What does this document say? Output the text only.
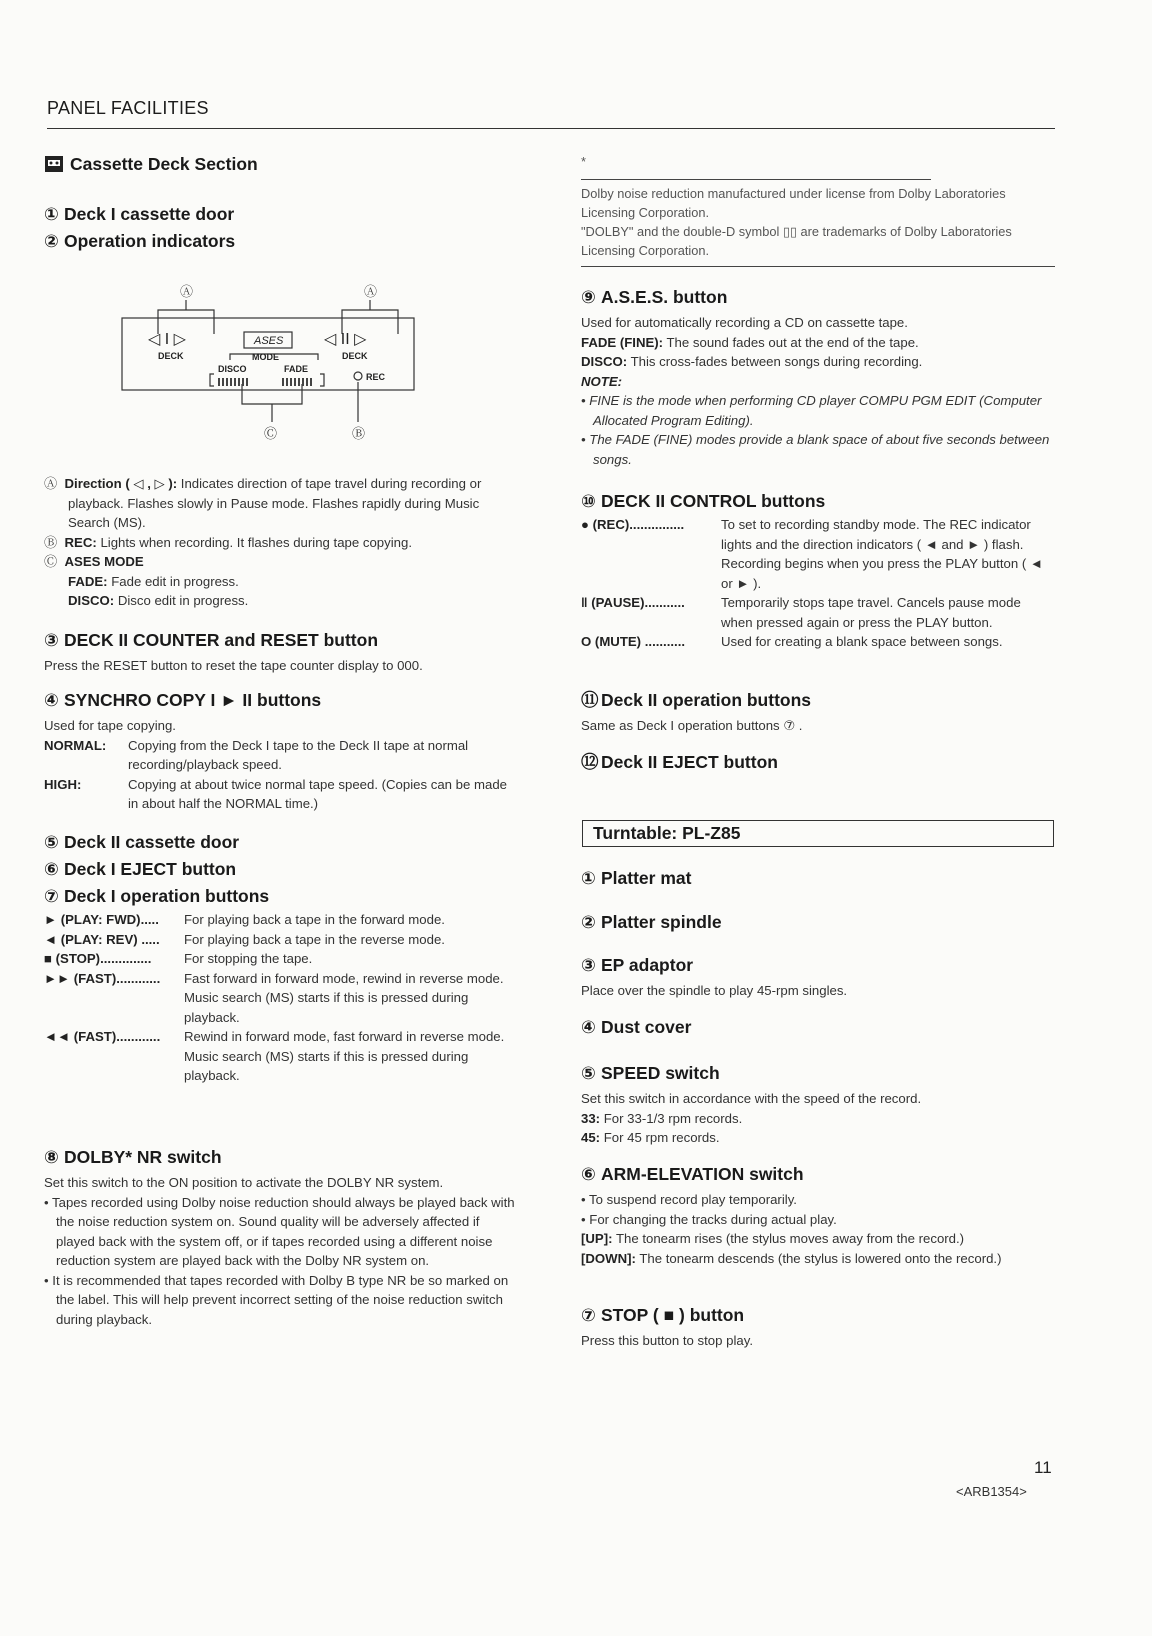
PANEL FACILITIES
Cassette Deck Section
① Deck I cassette door
② Operation indicators
Ⓐ	Ⓐ
◁ I ▷	◁ II ▷
DECK	DECK
ASES
MODE
DISCO	FADE
REC
Ⓒ	Ⓑ

Ⓐ Direction ( ◁ , ▷ ): Indicates direction of tape travel during recording or playback. Flashes slowly in Pause mode. Flashes rapidly during Music Search (MS).

Ⓑ REC: Lights when recording. It flashes during tape copying.

Ⓒ ASES MODE

FADE: Fade edit in progress.

DISCO: Disco edit in progress.

③ DECK II COUNTER and RESET button

Press the RESET button to reset the tape counter display to 000.

④ SYNCHRO COPY I ► II buttons

Used for tape copying.

NORMAL:	Copying from the Deck I tape to the Deck II tape at normal recording/playback speed.
HIGH:	Copying at about twice normal tape speed. (Copies can be made in about half the NORMAL time.)
⑤ Deck II cassette door
⑥ Deck I EJECT button
⑦ Deck I operation buttons
► (PLAY: FWD).....	For playing back a tape in the forward mode.
◄ (PLAY: REV) .....	For playing back a tape in the reverse mode.
■ (STOP)..............	For stopping the tape.
►► (FAST)............	Fast forward in forward mode, rewind in reverse mode.
Music search (MS) starts if this is pressed during playback.
◄◄ (FAST)............	Rewind in forward mode, fast forward in reverse mode.
Music search (MS) starts if this is pressed during playback.
⑧ DOLBY* NR switch

Set this switch to the ON position to activate the DOLBY NR system.

• Tapes recorded using Dolby noise reduction should always be played back with the noise reduction system on. Sound quality will be adversely affected if played back with the system off, or if tapes recorded using a different noise reduction system are played back with the Dolby NR system on.

• It is recommended that tapes recorded with Dolby B type NR be so marked on the label. This will help prevent incorrect setting of the noise reduction switch during playback.

*
Dolby noise reduction manufactured under license from Dolby Laboratories Licensing Corporation.
"DOLBY" and the double-D symbol ▯▯ are trademarks of Dolby Laboratories Licensing Corporation.
⑨ A.S.E.S. button

Used for automatically recording a CD on cassette tape.

FADE (FINE): The sound fades out at the end of the tape.

DISCO: This cross-fades between songs during recording.

NOTE:

• FINE is the mode when performing CD player COMPU PGM EDIT (Computer Allocated Program Editing).

• The FADE (FINE) modes provide a blank space of about five seconds between songs.

⑩ DECK II CONTROL buttons
● (REC)...............	To set to recording standby mode. The REC indicator lights and the direction indicators ( ◄ and ► ) flash. Recording begins when you press the PLAY button ( ◄ or ► ).
‖ (PAUSE)...........	Temporarily stops tape travel. Cancels pause mode when pressed again or press the PLAY button.
O (MUTE) ...........	Used for creating a blank space between songs.
⑪ Deck II operation buttons

Same as Deck I operation buttons ⑦ .

⑫ Deck II EJECT button
Turntable: PL-Z85
① Platter mat
② Platter spindle
③ EP adaptor

Place over the spindle to play 45-rpm singles.

④ Dust cover
⑤ SPEED switch

Set this switch in accordance with the speed of the record.

33: For 33-1/3 rpm records.

45: For 45 rpm records.

⑥ ARM-ELEVATION switch

• To suspend record play temporarily.

• For changing the tracks during actual play.

[UP]: The tonearm rises (the stylus moves away from the record.)

[DOWN]: The tonearm descends (the stylus is lowered onto the record.)

⑦ STOP ( ■ ) button

Press this button to stop play.

11
<ARB1354>
